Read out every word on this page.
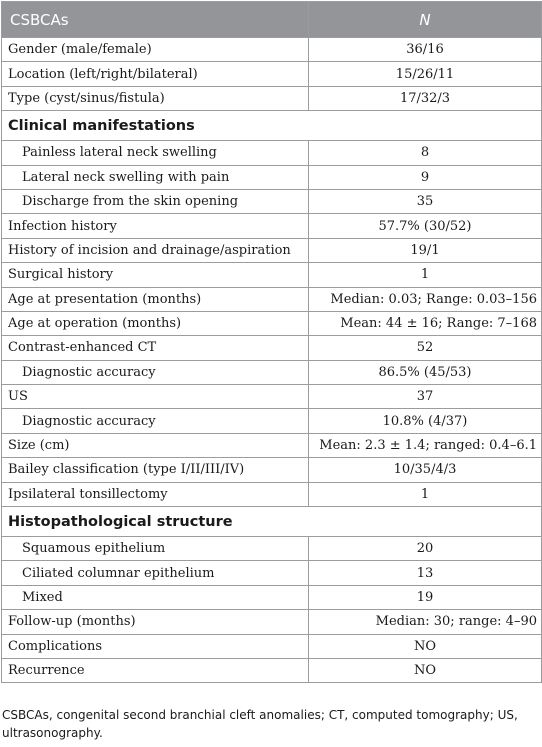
CSBCAs	N
Gender (male/female)	36/16
Location (left/right/bilateral)	15/26/11
Type (cyst/sinus/fistula)	17/32/3
Clinical manifestations	
Painless lateral neck swelling	8
Lateral neck swelling with pain	9
Discharge from the skin opening	35
Infection history	57.7% (30/52)
History of incision and drainage/aspiration	19/1
Surgical history	1
Age at presentation (months)	Median: 0.03; Range: 0.03–156
Age at operation (months)	Mean: 44 ± 16; Range: 7–168
Contrast-enhanced CT	52
Diagnostic accuracy	86.5% (45/53)
US	37
Diagnostic accuracy	10.8% (4/37)
Size (cm)	Mean: 2.3 ± 1.4; ranged: 0.4–6.1
Bailey classification (type I/II/III/IV)	10/35/4/3
Ipsilateral tonsillectomy	1
Histopathological structure	
Squamous epithelium	20
Ciliated columnar epithelium	13
Mixed	19
Follow-up (months)	Median: 30; range: 4–90
Complications	NO
Recurrence	NO
CSBCAs, congenital second branchial cleft anomalies; CT, computed tomography; US, ultrasonography.
